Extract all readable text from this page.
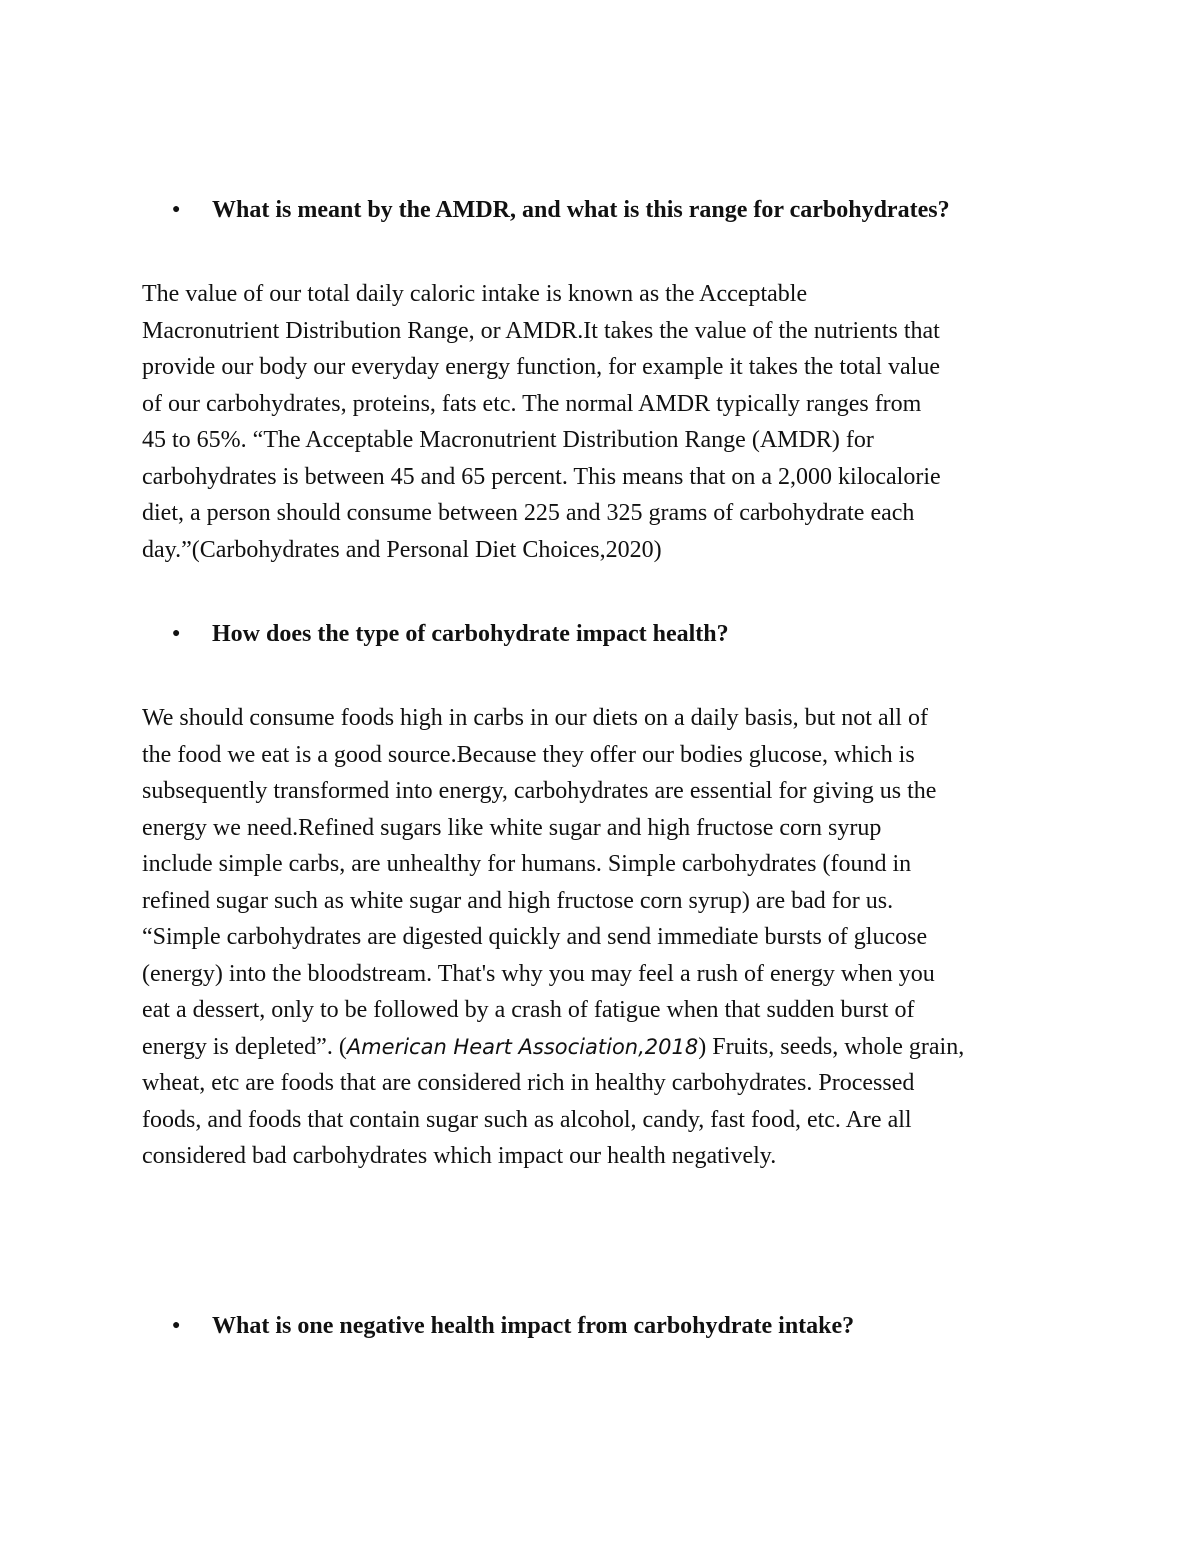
● What is meant by the AMDR, and what is this range for carbohydrates?
The value of our total daily caloric intake is known as the Acceptable
Macronutrient Distribution Range, or AMDR.It takes the value of the nutrients that
provide our body our everyday energy function, for example it takes the total value
of our carbohydrates, proteins, fats etc. The normal AMDR typically ranges from
45 to 65%. “The Acceptable Macronutrient Distribution Range (AMDR) for
carbohydrates is between 45 and 65 percent. This means that on a 2,000 kilocalorie
diet, a person should consume between 225 and 325 grams of carbohydrate each
day.”(Carbohydrates and Personal Diet Choices,2020)
● How does the type of carbohydrate impact health?
We should consume foods high in carbs in our diets on a daily basis, but not all of
the food we eat is a good source.Because they offer our bodies glucose, which is
subsequently transformed into energy, carbohydrates are essential for giving us the
energy we need.Refined sugars like white sugar and high fructose corn syrup
include simple carbs, are unhealthy for humans. Simple carbohydrates (found in
refined sugar such as white sugar and high fructose corn syrup) are bad for us.
“Simple carbohydrates are digested quickly and send immediate bursts of glucose
(energy) into the bloodstream. That's why you may feel a rush of energy when you
eat a dessert, only to be followed by a crash of fatigue when that sudden burst of
energy is depleted”. (American Heart Association,2018) Fruits, seeds, whole grain,
wheat, etc are foods that are considered rich in healthy carbohydrates. Processed
foods, and foods that contain sugar such as alcohol, candy, fast food, etc. Are all
considered bad carbohydrates which impact our health negatively.
● What is one negative health impact from carbohydrate intake?
